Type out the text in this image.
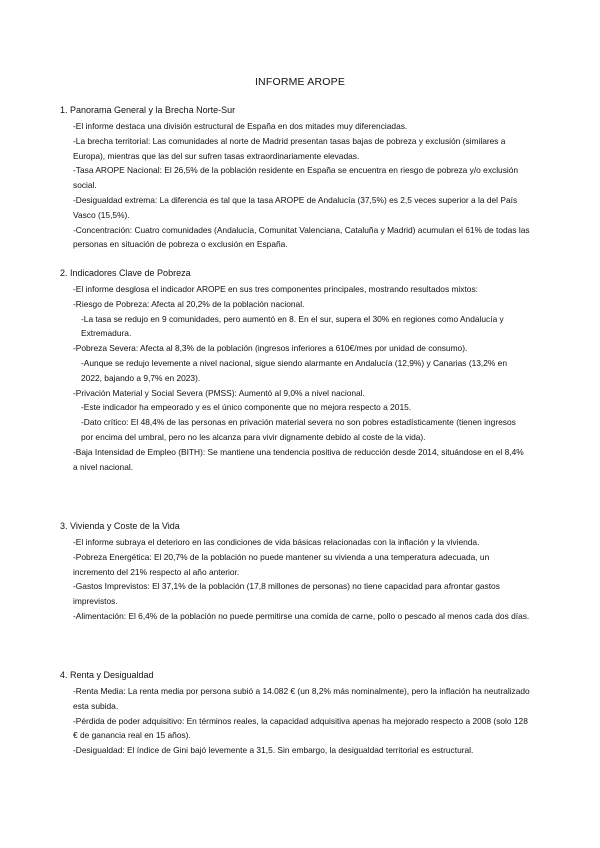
INFORME AROPE
1. Panorama General y la Brecha Norte-Sur
-El informe destaca una división estructural de España en dos mitades muy diferenciadas.
-La brecha territorial: Las comunidades al norte de Madrid presentan tasas bajas de pobreza y exclusión (similares a Europa), mientras que las del sur sufren tasas extraordinariamente elevadas.
-Tasa AROPE Nacional: El 26,5% de la población residente en España se encuentra en riesgo de pobreza y/o exclusión social.
-Desigualdad extrema: La diferencia es tal que la tasa AROPE de Andalucía (37,5%) es 2,5 veces superior a la del País Vasco (15,5%).
-Concentración: Cuatro comunidades (Andalucía, Comunitat Valenciana, Cataluña y Madrid) acumulan el 61% de todas las personas en situación de pobreza o exclusión en España.
2. Indicadores Clave de Pobreza
-El informe desglosa el indicador AROPE en sus tres componentes principales, mostrando resultados mixtos:
-Riesgo de Pobreza: Afecta al 20,2% de la población nacional.
-La tasa se redujo en 9 comunidades, pero aumentó en 8. En el sur, supera el 30% en regiones como Andalucía y Extremadura.
-Pobreza Severa: Afecta al 8,3% de la población (ingresos inferiores a 610€/mes por unidad de consumo).
-Aunque se redujo levemente a nivel nacional, sigue siendo alarmante en Andalucía (12,9%) y Canarias (13,2% en 2022, bajando a 9,7% en 2023).
-Privación Material y Social Severa (PMSS): Aumentó al 9,0% a nivel nacional.
-Este indicador ha empeorado y es el único componente que no mejora respecto a 2015.
-Dato crítico: El 48,4% de las personas en privación material severa no son pobres estadísticamente (tienen ingresos por encima del umbral, pero no les alcanza para vivir dignamente debido al coste de la vida).
-Baja Intensidad de Empleo (BITH): Se mantiene una tendencia positiva de reducción desde 2014, situándose en el 8,4% a nivel nacional.
3. Vivienda y Coste de la Vida
-El informe subraya el deterioro en las condiciones de vida básicas relacionadas con la inflación y la vivienda.
-Pobreza Energética: El 20,7% de la población no puede mantener su vivienda a una temperatura adecuada, un incremento del 21% respecto al año anterior.
-Gastos Imprevistos: El 37,1% de la población (17,8 millones de personas) no tiene capacidad para afrontar gastos imprevistos.
-Alimentación: El 6,4% de la población no puede permitirse una comida de carne, pollo o pescado al menos cada dos días.
4. Renta y Desigualdad
-Renta Media: La renta media por persona subió a 14.082 € (un 8,2% más nominalmente), pero la inflación ha neutralizado esta subida.
-Pérdida de poder adquisitivo: En términos reales, la capacidad adquisitiva apenas ha mejorado respecto a 2008 (solo 128 € de ganancia real en 15 años).
-Desigualdad: El índice de Gini bajó levemente a 31,5. Sin embargo, la desigualdad territorial es estructural.
